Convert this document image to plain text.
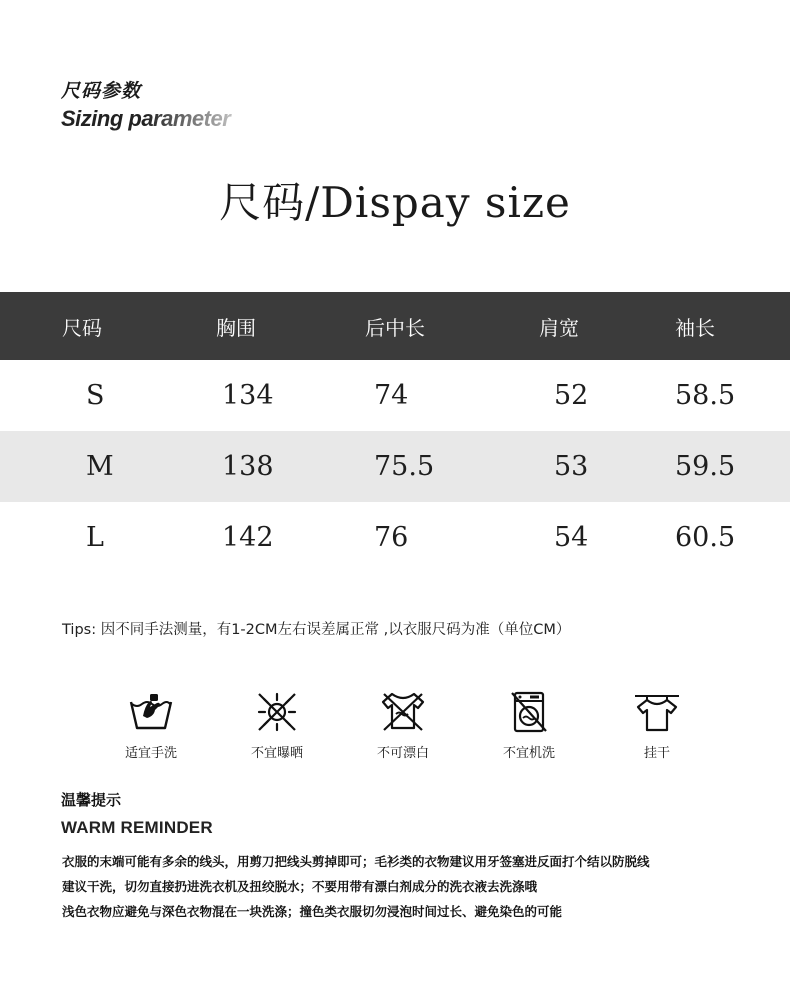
尺码参数
Sizing parameter
尺码/Dispay size
尺码	胸围	后中长	肩宽	袖长
S	134	74	52	58.5
M	138	75.5	53	59.5
L	142	76	54	60.5
Tips: 因不同手法测量，有1-2CM左右误差属正常 ,以衣服尺码为准（单位CM）
适宜手洗	不宜曝晒	不可漂白	不宜机洗	挂干
温馨提示
WARM REMINDER
衣服的末端可能有多余的线头，用剪刀把线头剪掉即可；毛衫类的衣物建议用牙签塞进反面打个结以防脱线
建议干洗，切勿直接扔进洗衣机及扭绞脱水；不要用带有漂白剂成分的洗衣液去洗涤哦
浅色衣物应避免与深色衣物混在一块洗涤；撞色类衣服切勿浸泡时间过长、避免染色的可能
